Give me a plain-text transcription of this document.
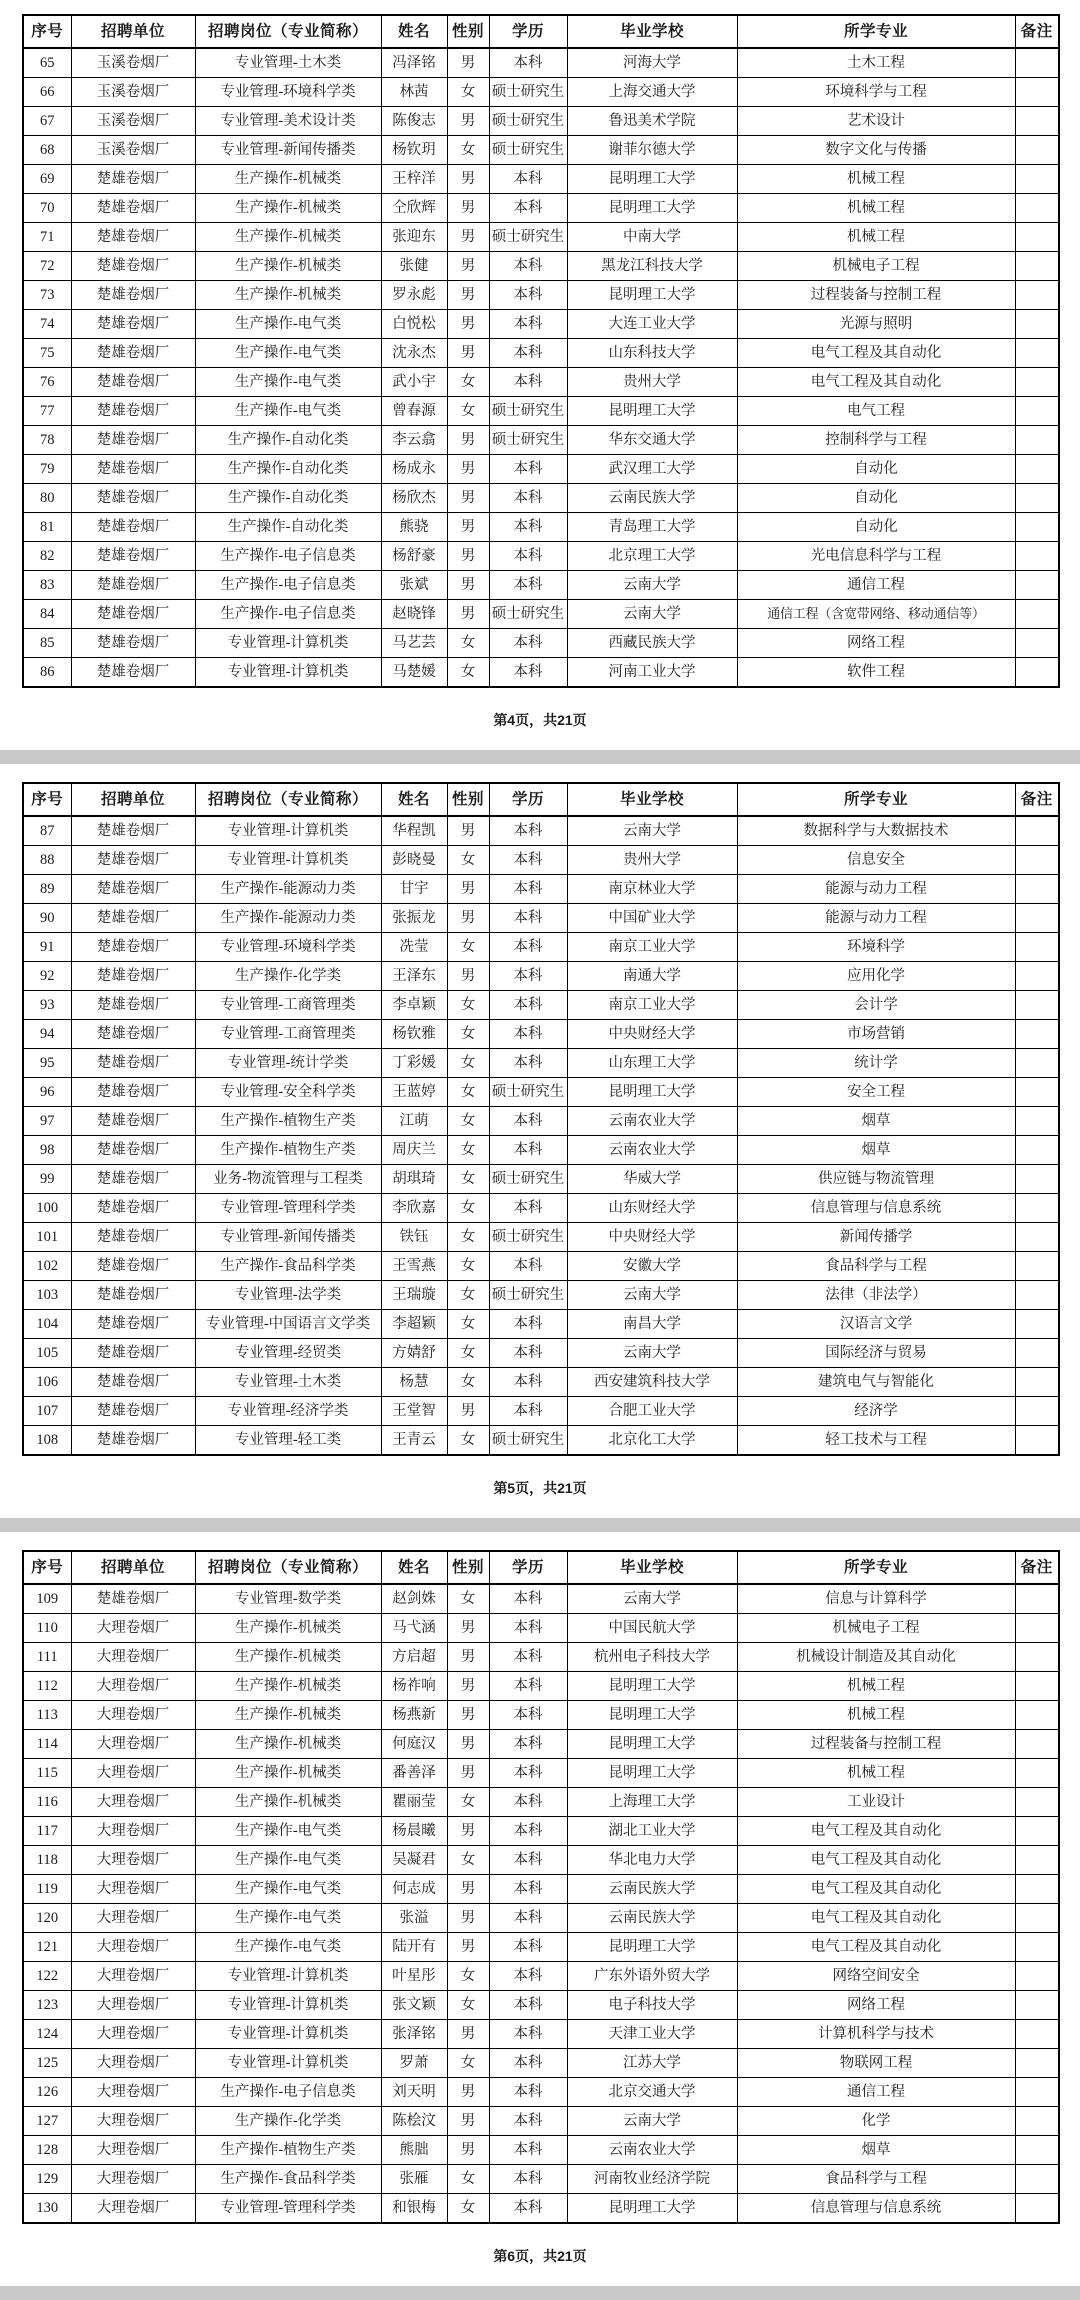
序号	招聘单位	招聘岗位（专业简称）	姓名	性别	学历	毕业学校	所学专业	备注
65	玉溪卷烟厂	专业管理-土木类	冯泽铭	男	本科	河海大学	土木工程	
66	玉溪卷烟厂	专业管理-环境科学类	林茜	女	硕士研究生	上海交通大学	环境科学与工程	
67	玉溪卷烟厂	专业管理-美术设计类	陈俊志	男	硕士研究生	鲁迅美术学院	艺术设计	
68	玉溪卷烟厂	专业管理-新闻传播类	杨钦玥	女	硕士研究生	谢菲尔德大学	数字文化与传播	
69	楚雄卷烟厂	生产操作-机械类	王梓洋	男	本科	昆明理工大学	机械工程	
70	楚雄卷烟厂	生产操作-机械类	仝欣辉	男	本科	昆明理工大学	机械工程	
71	楚雄卷烟厂	生产操作-机械类	张迎东	男	硕士研究生	中南大学	机械工程	
72	楚雄卷烟厂	生产操作-机械类	张健	男	本科	黑龙江科技大学	机械电子工程	
73	楚雄卷烟厂	生产操作-机械类	罗永彪	男	本科	昆明理工大学	过程装备与控制工程	
74	楚雄卷烟厂	生产操作-电气类	白悦松	男	本科	大连工业大学	光源与照明	
75	楚雄卷烟厂	生产操作-电气类	沈永杰	男	本科	山东科技大学	电气工程及其自动化	
76	楚雄卷烟厂	生产操作-电气类	武小宇	女	本科	贵州大学	电气工程及其自动化	
77	楚雄卷烟厂	生产操作-电气类	曾春源	女	硕士研究生	昆明理工大学	电气工程	
78	楚雄卷烟厂	生产操作-自动化类	李云翕	男	硕士研究生	华东交通大学	控制科学与工程	
79	楚雄卷烟厂	生产操作-自动化类	杨成永	男	本科	武汉理工大学	自动化	
80	楚雄卷烟厂	生产操作-自动化类	杨欣杰	男	本科	云南民族大学	自动化	
81	楚雄卷烟厂	生产操作-自动化类	熊骁	男	本科	青岛理工大学	自动化	
82	楚雄卷烟厂	生产操作-电子信息类	杨舒豪	男	本科	北京理工大学	光电信息科学与工程	
83	楚雄卷烟厂	生产操作-电子信息类	张斌	男	本科	云南大学	通信工程	
84	楚雄卷烟厂	生产操作-电子信息类	赵晓锋	男	硕士研究生	云南大学	通信工程（含宽带网络、移动通信等）	
85	楚雄卷烟厂	专业管理-计算机类	马艺芸	女	本科	西藏民族大学	网络工程	
86	楚雄卷烟厂	专业管理-计算机类	马楚媛	女	本科	河南工业大学	软件工程	
第4页，共21页
序号	招聘单位	招聘岗位（专业简称）	姓名	性别	学历	毕业学校	所学专业	备注
87	楚雄卷烟厂	专业管理-计算机类	华程凯	男	本科	云南大学	数据科学与大数据技术	
88	楚雄卷烟厂	专业管理-计算机类	彭晓曼	女	本科	贵州大学	信息安全	
89	楚雄卷烟厂	生产操作-能源动力类	甘宇	男	本科	南京林业大学	能源与动力工程	
90	楚雄卷烟厂	生产操作-能源动力类	张振龙	男	本科	中国矿业大学	能源与动力工程	
91	楚雄卷烟厂	专业管理-环境科学类	冼莹	女	本科	南京工业大学	环境科学	
92	楚雄卷烟厂	生产操作-化学类	王泽东	男	本科	南通大学	应用化学	
93	楚雄卷烟厂	专业管理-工商管理类	李卓颖	女	本科	南京工业大学	会计学	
94	楚雄卷烟厂	专业管理-工商管理类	杨钦雅	女	本科	中央财经大学	市场营销	
95	楚雄卷烟厂	专业管理-统计学类	丁彩媛	女	本科	山东理工大学	统计学	
96	楚雄卷烟厂	专业管理-安全科学类	王蓝婷	女	硕士研究生	昆明理工大学	安全工程	
97	楚雄卷烟厂	生产操作-植物生产类	江萌	女	本科	云南农业大学	烟草	
98	楚雄卷烟厂	生产操作-植物生产类	周庆兰	女	本科	云南农业大学	烟草	
99	楚雄卷烟厂	业务-物流管理与工程类	胡琪琦	女	硕士研究生	华威大学	供应链与物流管理	
100	楚雄卷烟厂	专业管理-管理科学类	李欣嘉	女	本科	山东财经大学	信息管理与信息系统	
101	楚雄卷烟厂	专业管理-新闻传播类	铁钰	女	硕士研究生	中央财经大学	新闻传播学	
102	楚雄卷烟厂	生产操作-食品科学类	王雪燕	女	本科	安徽大学	食品科学与工程	
103	楚雄卷烟厂	专业管理-法学类	王瑞璇	女	硕士研究生	云南大学	法律（非法学）	
104	楚雄卷烟厂	专业管理-中国语言文学类	李超颖	女	本科	南昌大学	汉语言文学	
105	楚雄卷烟厂	专业管理-经贸类	方婧舒	女	本科	云南大学	国际经济与贸易	
106	楚雄卷烟厂	专业管理-土木类	杨慧	女	本科	西安建筑科技大学	建筑电气与智能化	
107	楚雄卷烟厂	专业管理-经济学类	王堂智	男	本科	合肥工业大学	经济学	
108	楚雄卷烟厂	专业管理-轻工类	王青云	女	硕士研究生	北京化工大学	轻工技术与工程	
第5页，共21页
序号	招聘单位	招聘岗位（专业简称）	姓名	性别	学历	毕业学校	所学专业	备注
109	楚雄卷烟厂	专业管理-数学类	赵剑姝	女	本科	云南大学	信息与计算科学	
110	大理卷烟厂	生产操作-机械类	马弋涵	男	本科	中国民航大学	机械电子工程	
111	大理卷烟厂	生产操作-机械类	方启超	男	本科	杭州电子科技大学	机械设计制造及其自动化	
112	大理卷烟厂	生产操作-机械类	杨祚响	男	本科	昆明理工大学	机械工程	
113	大理卷烟厂	生产操作-机械类	杨燕新	男	本科	昆明理工大学	机械工程	
114	大理卷烟厂	生产操作-机械类	何庭汉	男	本科	昆明理工大学	过程装备与控制工程	
115	大理卷烟厂	生产操作-机械类	番善泽	男	本科	昆明理工大学	机械工程	
116	大理卷烟厂	生产操作-机械类	瞿丽莹	女	本科	上海理工大学	工业设计	
117	大理卷烟厂	生产操作-电气类	杨晨曦	男	本科	湖北工业大学	电气工程及其自动化	
118	大理卷烟厂	生产操作-电气类	吴凝君	女	本科	华北电力大学	电气工程及其自动化	
119	大理卷烟厂	生产操作-电气类	何志成	男	本科	云南民族大学	电气工程及其自动化	
120	大理卷烟厂	生产操作-电气类	张溢	男	本科	云南民族大学	电气工程及其自动化	
121	大理卷烟厂	生产操作-电气类	陆开有	男	本科	昆明理工大学	电气工程及其自动化	
122	大理卷烟厂	专业管理-计算机类	叶星彤	女	本科	广东外语外贸大学	网络空间安全	
123	大理卷烟厂	专业管理-计算机类	张文颖	女	本科	电子科技大学	网络工程	
124	大理卷烟厂	专业管理-计算机类	张泽铭	男	本科	天津工业大学	计算机科学与技术	
125	大理卷烟厂	专业管理-计算机类	罗萧	女	本科	江苏大学	物联网工程	
126	大理卷烟厂	生产操作-电子信息类	刘天明	男	本科	北京交通大学	通信工程	
127	大理卷烟厂	生产操作-化学类	陈桧汶	男	本科	云南大学	化学	
128	大理卷烟厂	生产操作-植物生产类	熊朏	男	本科	云南农业大学	烟草	
129	大理卷烟厂	生产操作-食品科学类	张雁	女	本科	河南牧业经济学院	食品科学与工程	
130	大理卷烟厂	专业管理-管理科学类	和银梅	女	本科	昆明理工大学	信息管理与信息系统	
第6页，共21页
